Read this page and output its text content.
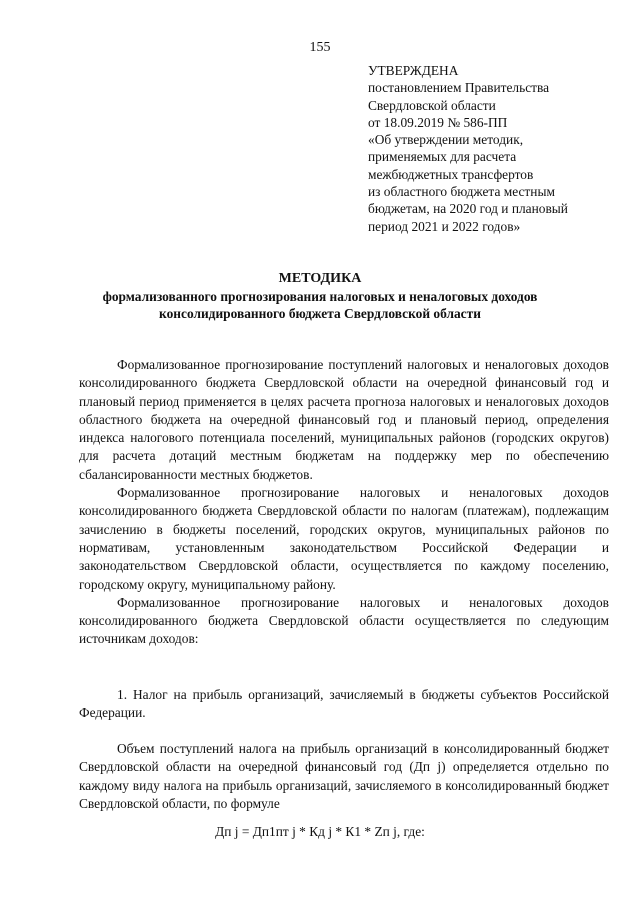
155
УТВЕРЖДЕНА
постановлением Правительства
Свердловской области
от 18.09.2019 № 586-ПП
«Об утверждении методик,
применяемых для расчета
межбюджетных трансфертов
из областного бюджета местным
бюджетам, на 2020 год и плановый
период 2021 и 2022 годов»
МЕТОДИКА
формализованного прогнозирования налоговых и неналоговых доходов
консолидированного бюджета Свердловской области

Формализованное прогнозирование поступлений налоговых и неналоговых доходов консолидированного бюджета Свердловской области на очередной финансовый год и плановый период применяется в целях расчета прогноза налоговых и неналоговых доходов областного бюджета на очередной финансовый год и плановый период, определения индекса налогового потенциала поселений, муниципальных районов (городских округов) для расчета дотаций местным бюджетам на поддержку мер по обеспечению сбалансированности местных бюджетов.

Формализованное прогнозирование налоговых и неналоговых доходов консолидированного бюджета Свердловской области по налогам (платежам), подлежащим зачислению в бюджеты поселений, городских округов, муниципальных районов по нормативам, установленным законодательством Российской Федерации и законодательством Свердловской области, осуществляется по каждому поселению, городскому округу, муниципальному району.

Формализованное прогнозирование налоговых и неналоговых доходов консолидированного бюджета Свердловской области осуществляется по следующим источникам доходов:

1. Налог на прибыль организаций, зачисляемый в бюджеты субъектов Российской Федерации.

Объем поступлений налога на прибыль организаций в консолидированный бюджет Свердловской области на очередной финансовый год (Дп j) определяется отдельно по каждому виду налога на прибыль организаций, зачисляемого в консолидированный бюджет Свердловской области, по формуле

Дп j = Дп1пт j * Кд j * К1 * Zп j, где:
